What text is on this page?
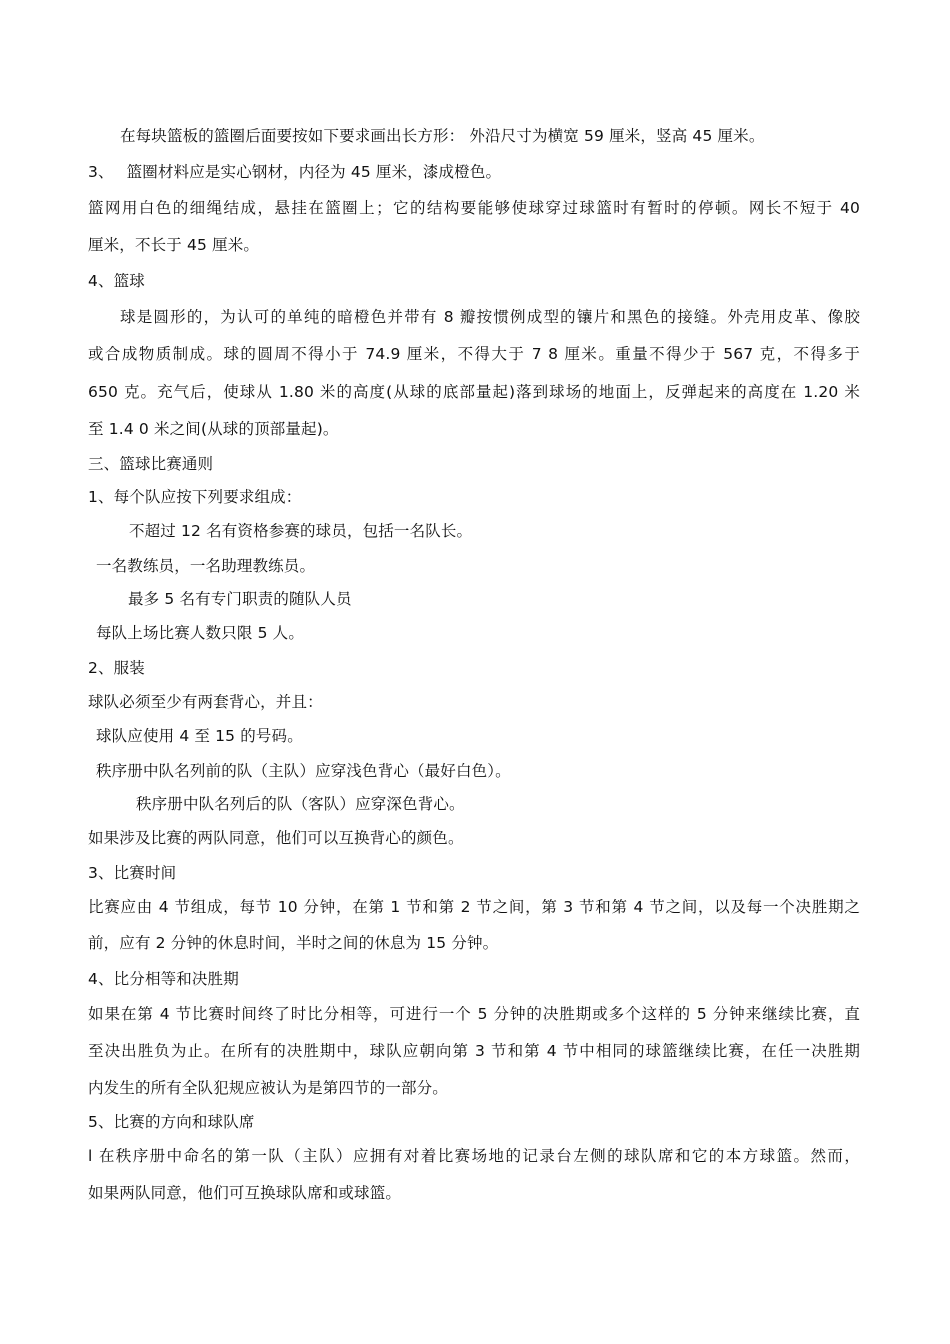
在每块篮板的篮圈后面要按如下要求画出长方形： 外沿尺寸为横宽 59 厘米，竖高 45 厘米。
3、　 篮圈材料应是实心钢材，内径为 45 厘米，漆成橙色。
篮网用白色的细绳结成，悬挂在篮圈上；它的结构要能够使球穿过球篮时有暂时的停顿。网长不短于 40
厘米，不长于 45 厘米。
4、篮球
球是圆形的，为认可的单纯的暗橙色并带有 8 瓣按惯例成型的镶片和黑色的接缝。外壳用皮革、像胶
或合成物质制成。球的圆周不得小于 74.9 厘米，不得大于 7 8 厘米。重量不得少于 567 克，不得多于
650 克。充气后，使球从 1.80 米的高度(从球的底部量起)落到球场的地面上，反弹起来的高度在 1.20 米
至 1.4 0 米之间(从球的顶部量起)。
三、篮球比赛通则
1、每个队应按下列要求组成：
不超过 12 名有资格参赛的球员，包括一名队长。
一名教练员，一名助理教练员。
最多 5 名有专门职责的随队人员
每队上场比赛人数只限 5 人。
2、服装
球队必须至少有两套背心，并且：
球队应使用 4 至 15 的号码。
秩序册中队名列前的队（主队）应穿浅色背心（最好白色）。
秩序册中队名列后的队（客队）应穿深色背心。
如果涉及比赛的两队同意，他们可以互换背心的颜色。
3、比赛时间
比赛应由 4 节组成，每节 10 分钟，在第 1 节和第 2 节之间，第 3 节和第 4 节之间，以及每一个决胜期之
前，应有 2 分钟的休息时间，半时之间的休息为 15 分钟。
4、比分相等和决胜期
如果在第 4 节比赛时间终了时比分相等，可进行一个 5 分钟的决胜期或多个这样的 5 分钟来继续比赛，直
至决出胜负为止。在所有的决胜期中，球队应朝向第 3 节和第 4 节中相同的球篮继续比赛，在任一决胜期
内发生的所有全队犯规应被认为是第四节的一部分。
5、比赛的方向和球队席
l 在秩序册中命名的第一队（主队）应拥有对着比赛场地的记录台左侧的球队席和它的本方球篮。然而，
如果两队同意，他们可互换球队席和或球篮。
